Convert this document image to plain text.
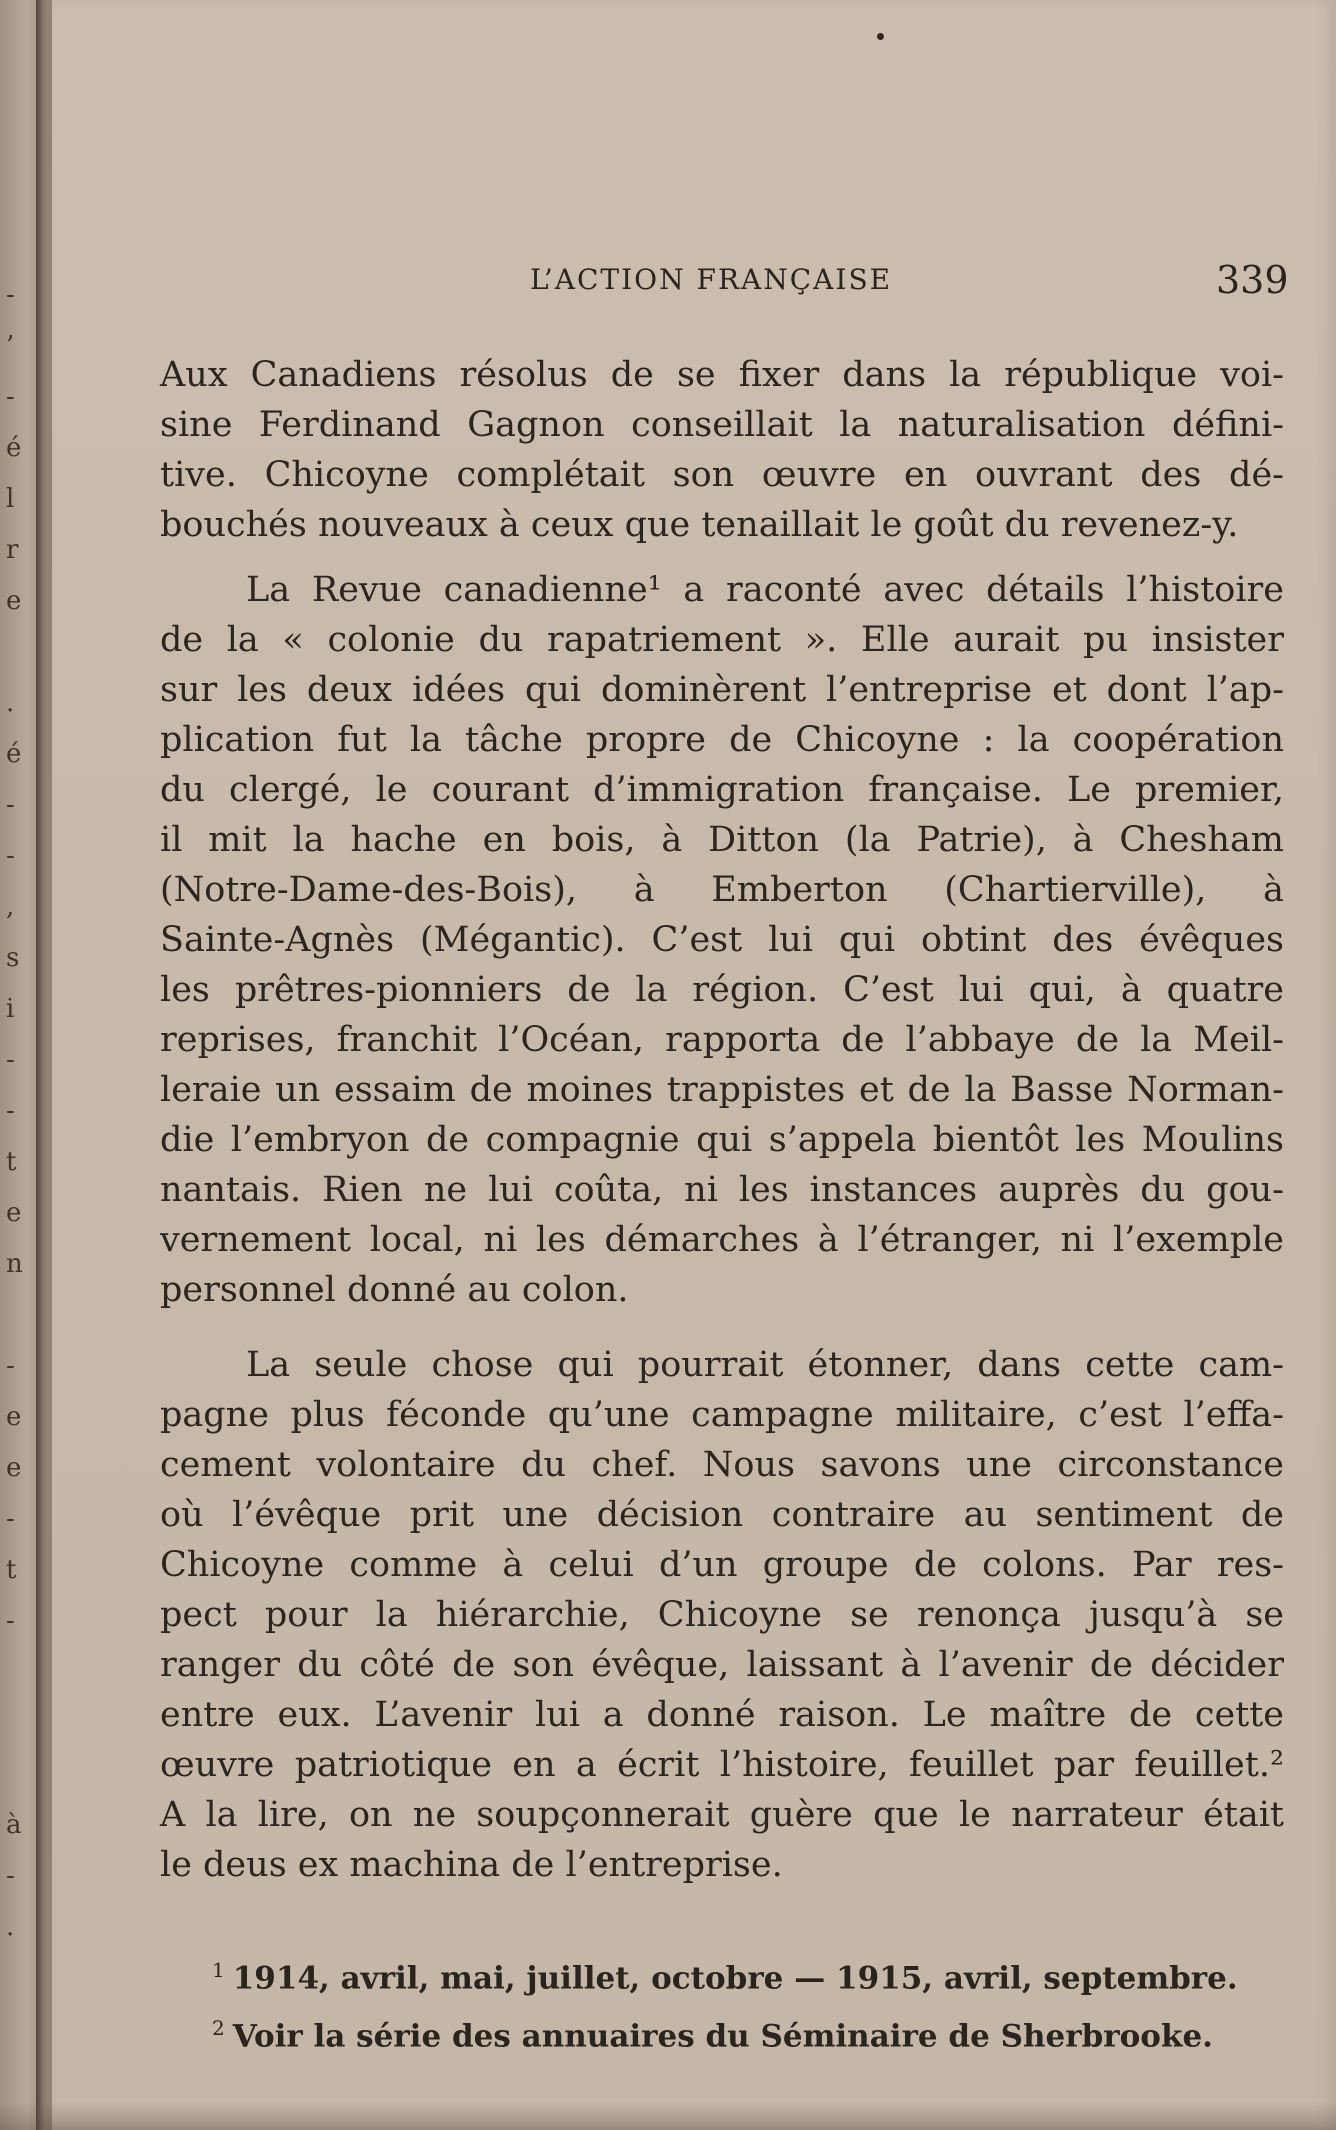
-
’
-
é
l
r
e

.
é
-
-
,
s
i
-
-
t
e
n

-
e
e
-
t
-

à
-
.
L’ACTION FRANÇAISE	339
Aux Canadiens résolus de se fixer dans la république voi-
sine Ferdinand Gagnon conseillait la naturalisation défini-
tive. Chicoyne complétait son œuvre en ouvrant des dé-
bouchés nouveaux à ceux que tenaillait le goût du revenez-y.
La Revue canadienne¹ a raconté avec détails l’histoire
de la « colonie du rapatriement ». Elle aurait pu insister
sur les deux idées qui dominèrent l’entreprise et dont l’ap-
plication fut la tâche propre de Chicoyne : la coopération
du clergé, le courant d’immigration française. Le premier,
il mit la hache en bois, à Ditton (la Patrie), à Chesham
(Notre-Dame-des-Bois), à Emberton (Chartierville), à
Sainte-Agnès (Mégantic). C’est lui qui obtint des évêques
les prêtres-pionniers de la région. C’est lui qui, à quatre
reprises, franchit l’Océan, rapporta de l’abbaye de la Meil-
leraie un essaim de moines trappistes et de la Basse Norman-
die l’embryon de compagnie qui s’appela bientôt les Moulins
nantais. Rien ne lui coûta, ni les instances auprès du gou-
vernement local, ni les démarches à l’étranger, ni l’exemple
personnel donné au colon.
La seule chose qui pourrait étonner, dans cette cam-
pagne plus féconde qu’une campagne militaire, c’est l’effa-
cement volontaire du chef. Nous savons une circonstance
où l’évêque prit une décision contraire au sentiment de
Chicoyne comme à celui d’un groupe de colons. Par res-
pect pour la hiérarchie, Chicoyne se renonça jusqu’à se
ranger du côté de son évêque, laissant à l’avenir de décider
entre eux. L’avenir lui a donné raison. Le maître de cette
œuvre patriotique en a écrit l’histoire, feuillet par feuillet.²
A la lire, on ne soupçonnerait guère que le narrateur était
le deus ex machina de l’entreprise.
$^1$ 1914, avril, mai, juillet, octobre — 1915, avril, septembre.
$^2$ Voir la série des annuaires du Séminaire de Sherbrooke.
